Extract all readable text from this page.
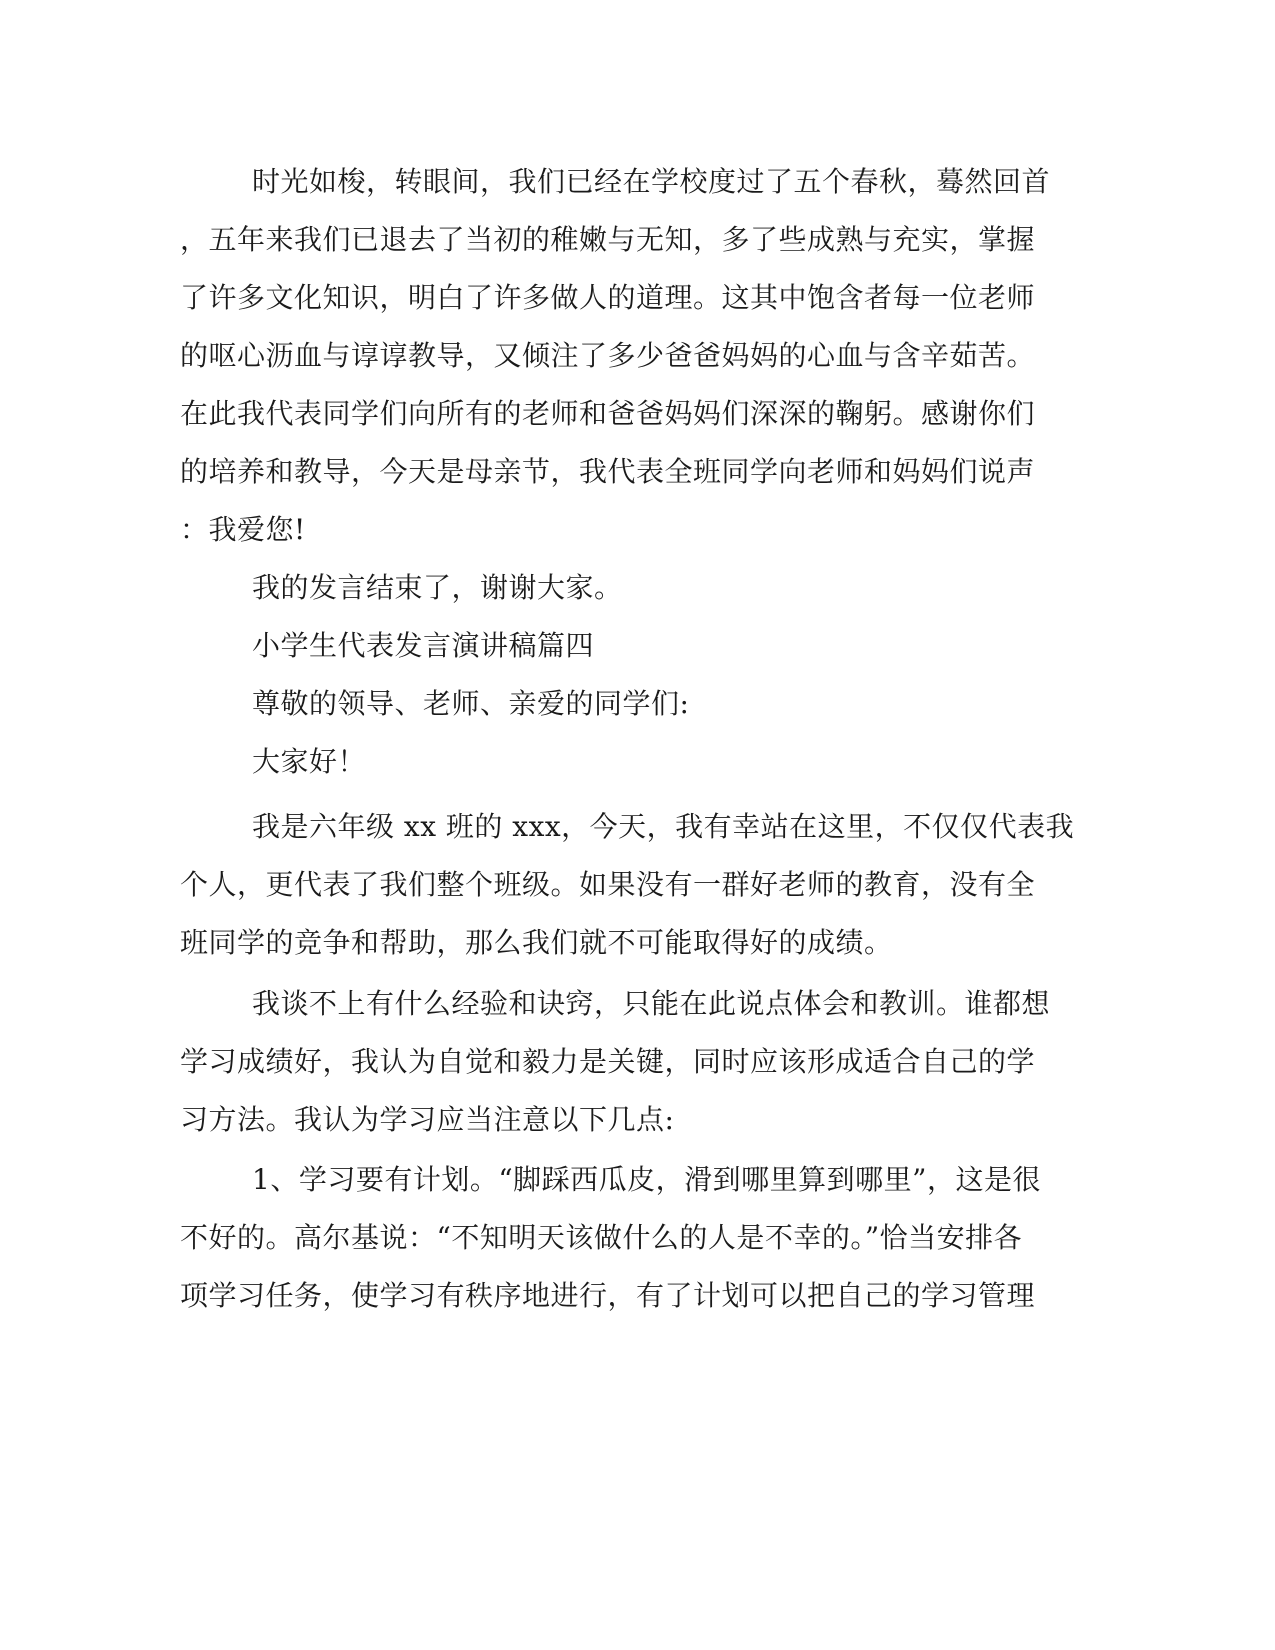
时光如梭，转眼间，我们已经在学校度过了五个春秋，蓦然回首
，五年来我们已退去了当初的稚嫩与无知，多了些成熟与充实，掌握
了许多文化知识，明白了许多做人的道理。这其中饱含者每一位老师
的呕心沥血与谆谆教导，又倾注了多少爸爸妈妈的心血与含辛茹苦。
在此我代表同学们向所有的老师和爸爸妈妈们深深的鞠躬。感谢你们
的培养和教导，今天是母亲节，我代表全班同学向老师和妈妈们说声
：我爱您!
我的发言结束了，谢谢大家。
小学生代表发言演讲稿篇四
尊敬的领导、老师、亲爱的同学们:
大家好！
我是六年级 xx 班的 xxx，今天，我有幸站在这里，不仅仅代表我
个人，更代表了我们整个班级。如果没有一群好老师的教育，没有全
班同学的竞争和帮助，那么我们就不可能取得好的成绩。
我谈不上有什么经验和诀窍，只能在此说点体会和教训。谁都想
学习成绩好，我认为自觉和毅力是关键，同时应该形成适合自己的学
习方法。我认为学习应当注意以下几点:
1、学习要有计划。“脚踩西瓜皮，滑到哪里算到哪里”，这是很
不好的。高尔基说：“不知明天该做什么的人是不幸的。”恰当安排各
项学习任务，使学习有秩序地进行，有了计划可以把自己的学习管理
